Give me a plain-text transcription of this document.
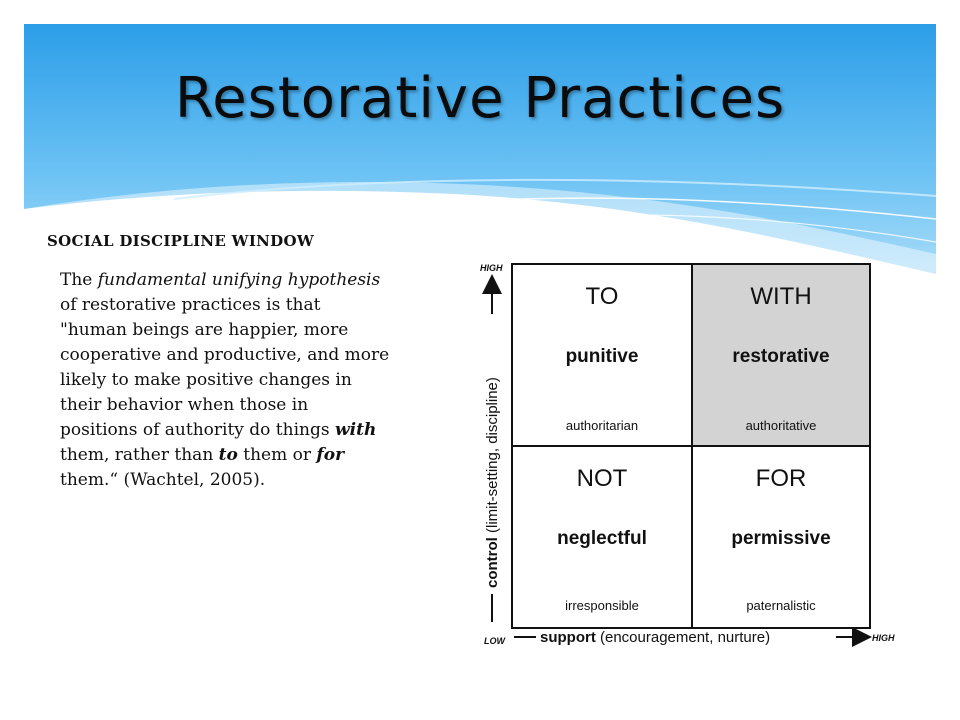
Restorative Practices
SOCIAL DISCIPLINE WINDOW
The fundamental unifying hypothesis of restorative practices is that "human beings are happier, more cooperative and productive, and more likely to make positive changes in their behavior when those in positions of authority do things with them, rather than to them or for them.“ (Wachtel, 2005).
TO
punitive
authoritarian
WITH
restorative
authoritative
NOT
neglectful
irresponsible
FOR
permissive
paternalistic
HIGH
control (limit-setting, discipline)
LOW support (encouragement, nurture)	HIGH
